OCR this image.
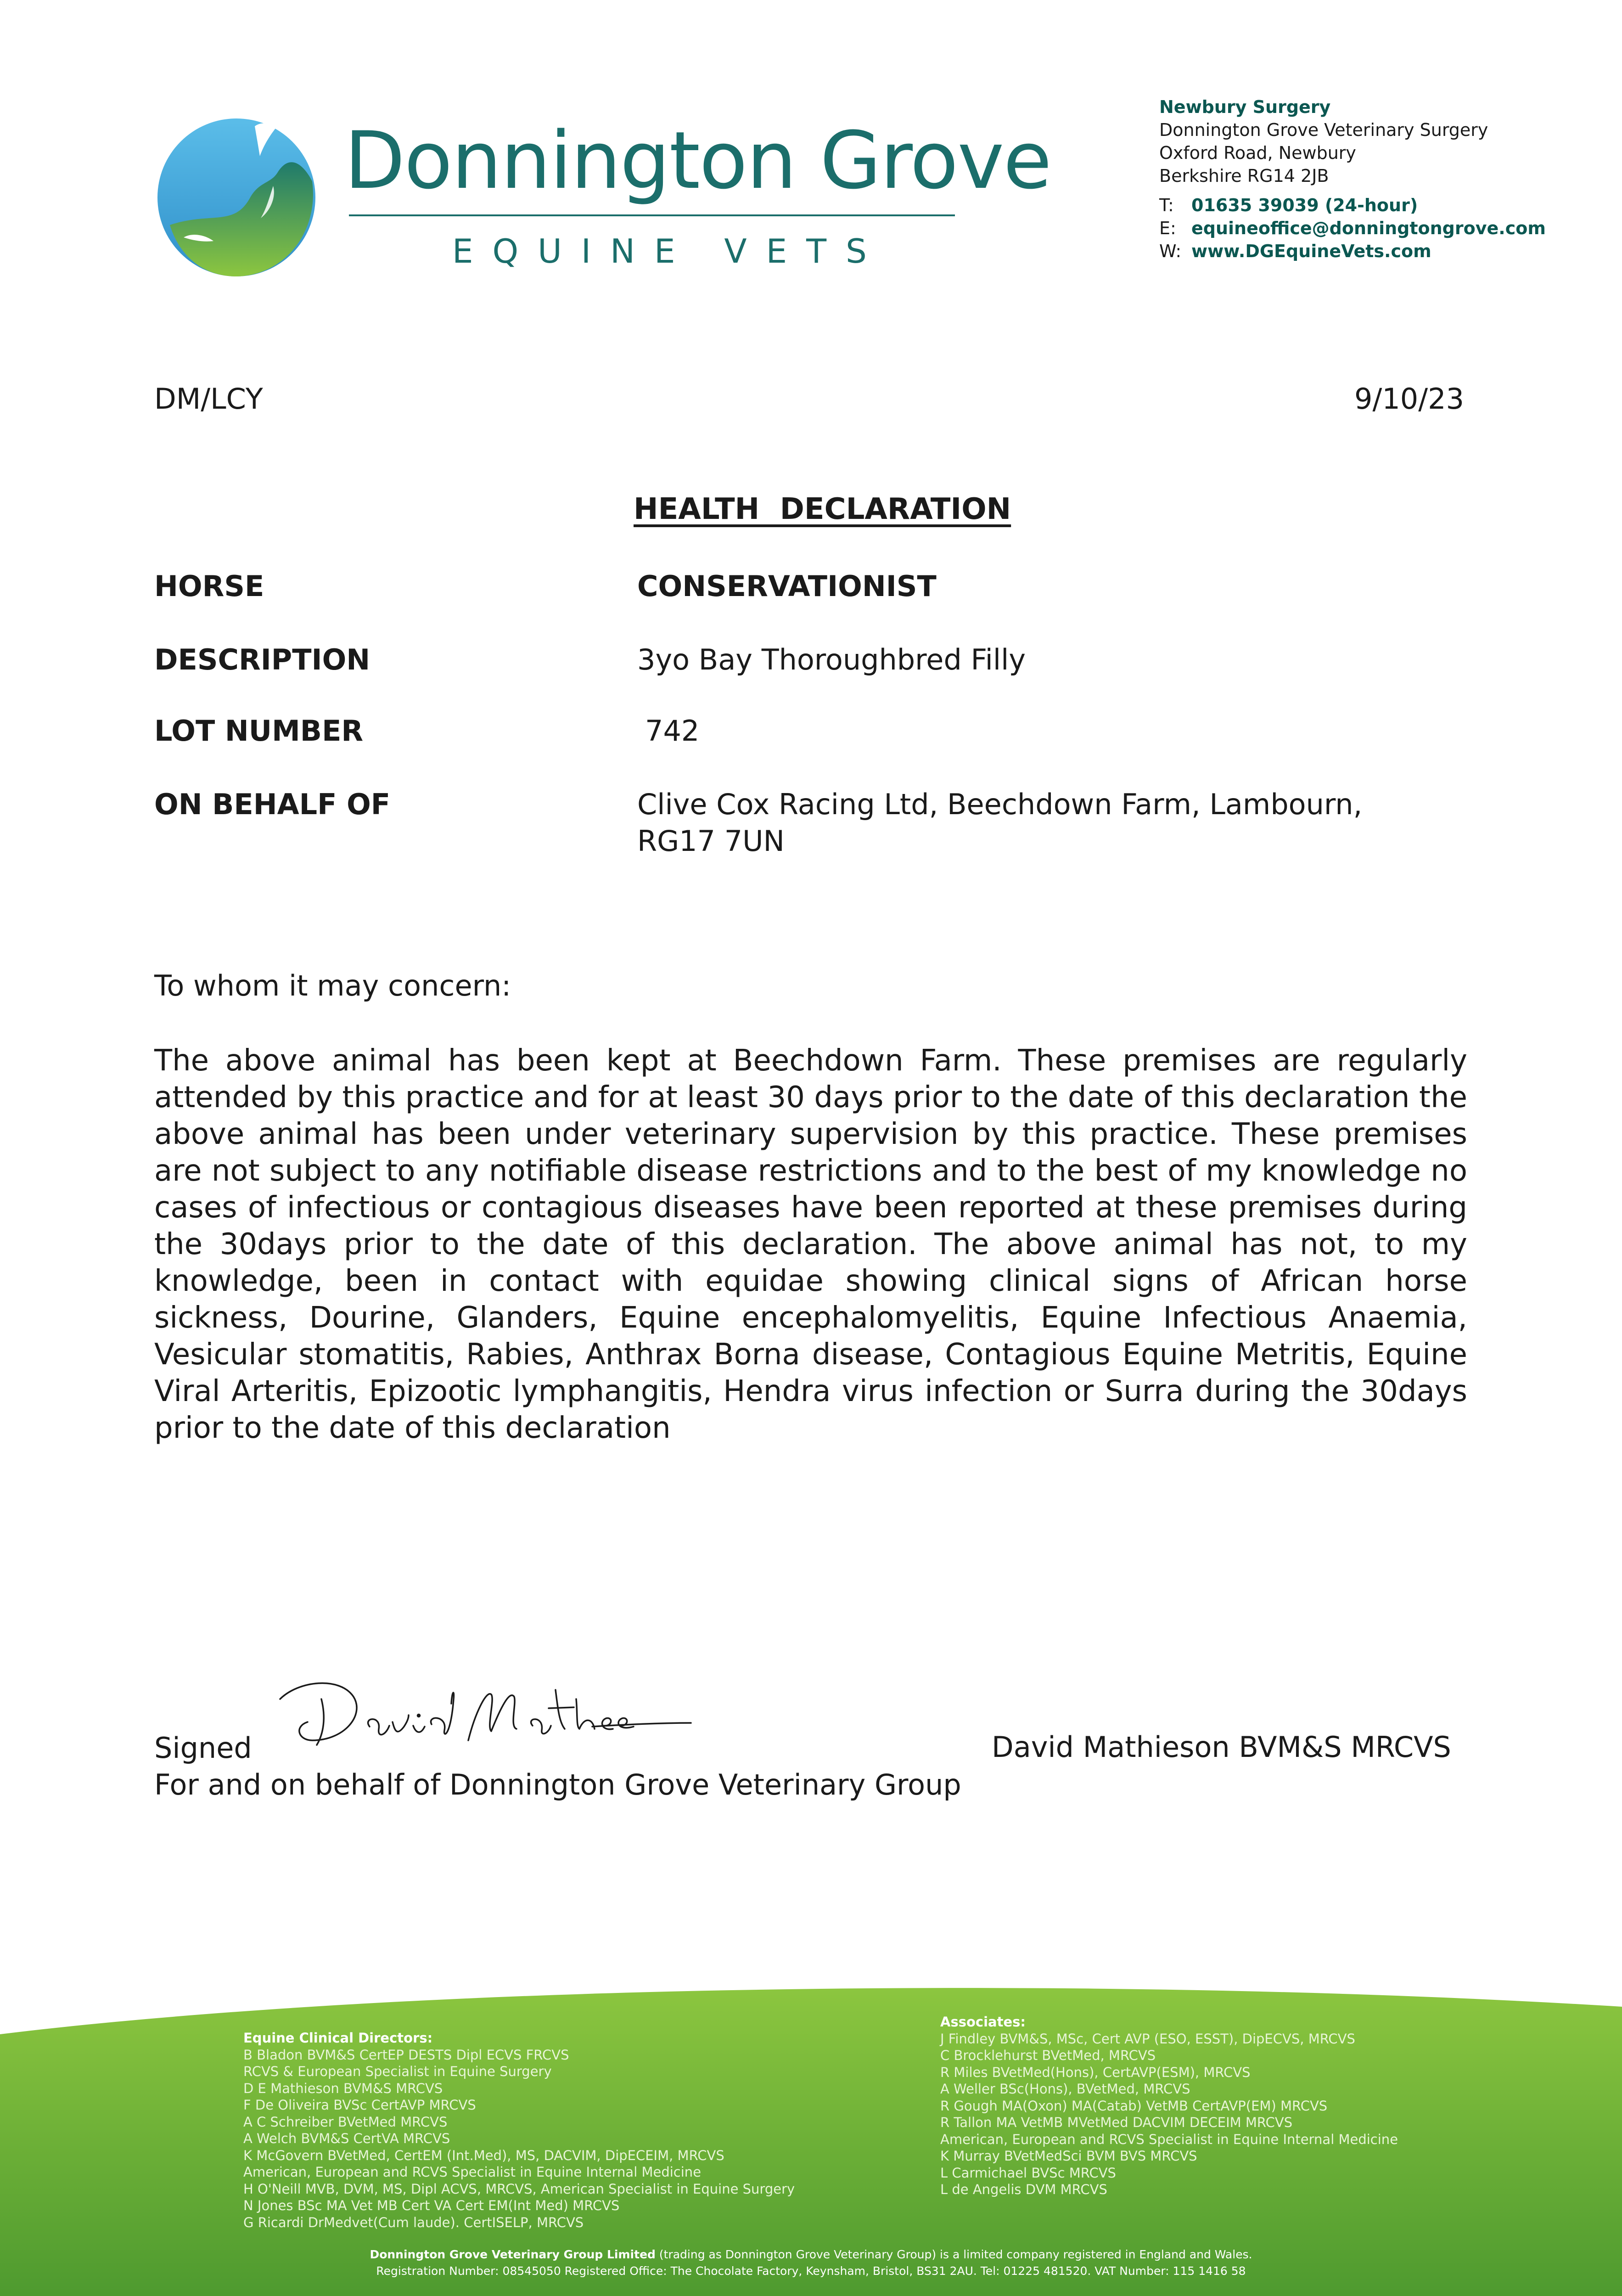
Donnington Grove
EQUINE VETS
Newbury Surgery
Donnington Grove Veterinary Surgery
Oxford Road, Newbury
Berkshire RG14 2JB
T: 01635 39039 (24-hour)
E: equineoffice@donningtongrove.com
W: www.DGEquineVets.com
DM/LCY	9/10/23
HEALTH  DECLARATION
HORSE	CONSERVATIONIST
DESCRIPTION	3yo Bay Thoroughbred Filly
LOT NUMBER	742
ON BEHALF OF	Clive Cox Racing Ltd, Beechdown Farm, Lambourn,
RG17 7UN
To whom it may concern:
The above animal has been kept at Beechdown Farm. These premises are regularly attended by this practice and for at least 30 days prior to the date of this declaration the above animal has been under veterinary supervision by this practice. These premises are not subject to any notifiable disease restrictions and to the best of my knowledge no cases of infectious or contagious diseases have been reported at these premises during the 30days prior to the date of this declaration. The above animal has not, to my knowledge, been in contact with equidae showing clinical signs of African horse sickness, Dourine, Glanders, Equine encephalomyelitis, Equine Infectious Anaemia, Vesicular stomatitis, Rabies, Anthrax Borna disease, Contagious Equine Metritis, Equine Viral Arteritis, Epizootic lymphangitis, Hendra virus infection or Surra during the 30days prior to the date of this declaration
Signed	David Mathieson BVM&S MRCVS
For and on behalf of Donnington Grove Veterinary Group
Equine Clinical Directors:
B Bladon BVM&S CertEP DESTS Dipl ECVS FRCVS
RCVS & European Specialist in Equine Surgery
D E Mathieson BVM&S MRCVS
F De Oliveira BVSc CertAVP MRCVS
A C Schreiber BVetMed MRCVS
A Welch BVM&S CertVA MRCVS
K McGovern BVetMed, CertEM (Int.Med), MS, DACVIM, DipECEIM, MRCVS
American, European and RCVS Specialist in Equine Internal Medicine
H O'Neill MVB, DVM, MS, Dipl ACVS, MRCVS, American Specialist in Equine Surgery
N Jones BSc MA Vet MB Cert VA Cert EM(Int Med) MRCVS
G Ricardi DrMedvet(Cum laude). CertISELP, MRCVS
Associates:
J Findley BVM&S, MSc, Cert AVP (ESO, ESST), DipECVS, MRCVS
C Brocklehurst BVetMed, MRCVS
R Miles BVetMed(Hons), CertAVP(ESM), MRCVS
A Weller BSc(Hons), BVetMed, MRCVS
R Gough MA(Oxon) MA(Catab) VetMB CertAVP(EM) MRCVS
R Tallon MA VetMB MVetMed DACVIM DECEIM MRCVS
American, European and RCVS Specialist in Equine Internal Medicine
K Murray BVetMedSci BVM BVS MRCVS
L Carmichael BVSc MRCVS
L de Angelis DVM MRCVS
Donnington Grove Veterinary Group Limited (trading as Donnington Grove Veterinary Group) is a limited company registered in England and Wales.
Registration Number: 08545050 Registered Office: The Chocolate Factory, Keynsham, Bristol, BS31 2AU. Tel: 01225 481520. VAT Number: 115 1416 58
